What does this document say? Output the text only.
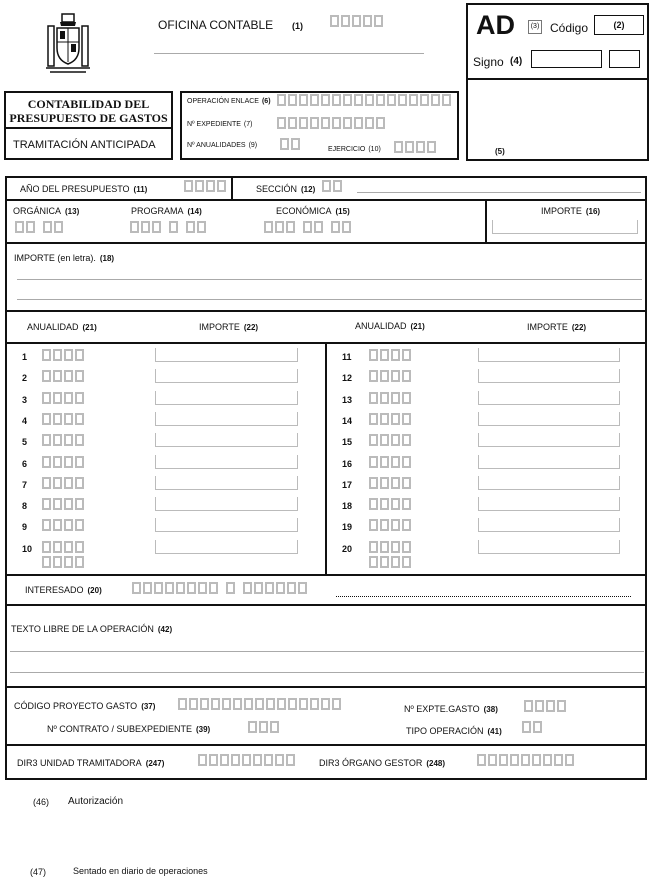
OFICINA CONTABLE (1)	AD	(3) Código	(2)
Signo (4)
(5)
CONTABILIDAD DEL
PRESUPUESTO DE GASTOS
TRAMITACIÓN ANTICIPADA
OPERACIÓN ENLACE (6)
Nº EXPEDIENTE (7)
Nº ANUALIDADES (9)
EJERCICIO (10)
AÑO DEL PRESUPUESTO (11)	SECCIÓN (12)
ORGÁNICA (13)	PROGRAMA (14)	ECONÓMICA (15)	IMPORTE (16)
IMPORTE (en letra). (18)
ANUALIDAD (21)	IMPORTE (22)	ANUALIDAD (21)	IMPORTE (22)
1
2
3
4
5
6
7
8
9
10
11
12
13
14
15
16
17
18
19
20
INTERESADO (20)
TEXTO LIBRE DE LA OPERACIÓN (42)
CÓDIGO PROYECTO GASTO (37)	Nº EXPTE.GASTO (38)
Nº CONTRATO / SUBEXPEDIENTE (39)	TIPO OPERACIÓN (41)
DIR3 UNIDAD TRAMITADORA (247)	DIR3 ÓRGANO GESTOR (248)
(46) Autorización
(47)	Sentado en diario de operaciones
